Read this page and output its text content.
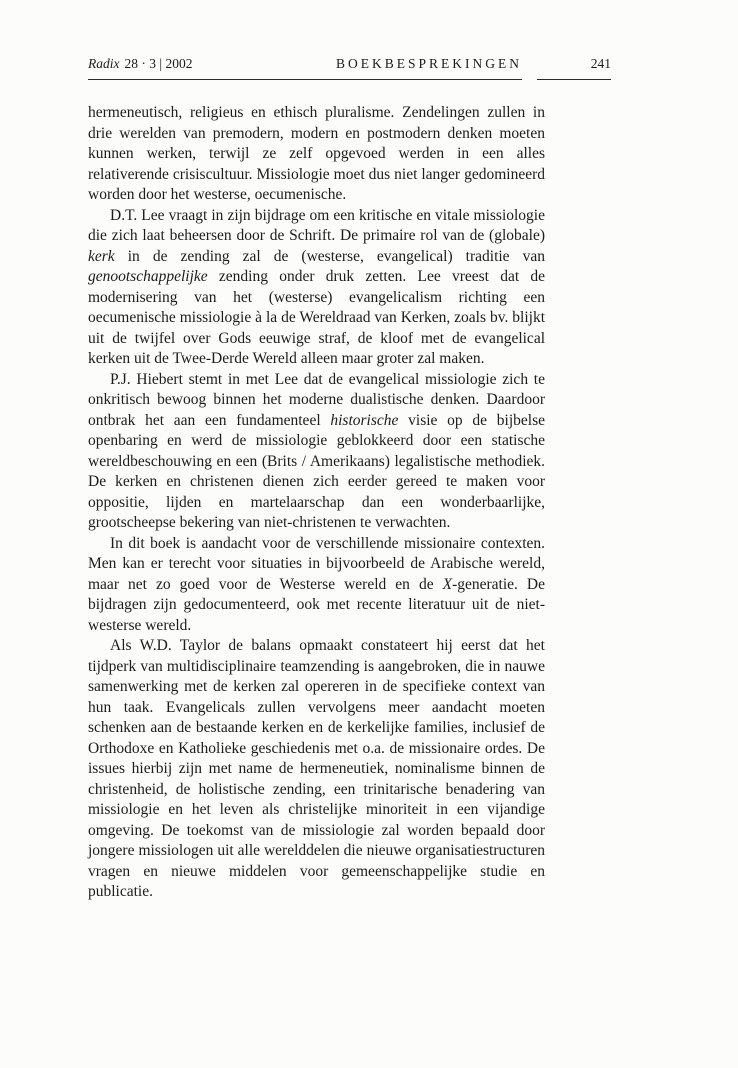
Radix 28 · 3 | 2002	BOEKBESPREKINGEN	241

hermeneutisch, religieus en ethisch pluralisme. Zendelingen zullen in drie werelden van premodern, modern en postmodern denken moeten kunnen werken, terwijl ze zelf opgevoed werden in een alles relativerende crisiscultuur. Missiologie moet dus niet langer gedomineerd worden door het westerse, oecumenische.

D.T. Lee vraagt in zijn bijdrage om een kritische en vitale missiologie die zich laat beheersen door de Schrift. De primaire rol van de (globale) kerk in de zending zal de (westerse, evangelical) traditie van genootschappelijke zending onder druk zetten. Lee vreest dat de modernisering van het (westerse) evangelicalism richting een oecumenische missiologie à la de Wereldraad van Kerken, zoals bv. blijkt uit de twijfel over Gods eeuwige straf, de kloof met de evangelical kerken uit de Twee-Derde Wereld alleen maar groter zal maken.

P.J. Hiebert stemt in met Lee dat de evangelical missiologie zich te onkritisch bewoog binnen het moderne dualistische denken. Daardoor ontbrak het aan een fundamenteel historische visie op de bijbelse openbaring en werd de missiologie geblokkeerd door een statische wereldbeschouwing en een (Brits / Amerikaans) legalistische methodiek. De kerken en christenen dienen zich eerder gereed te maken voor oppositie, lijden en martelaarschap dan een wonderbaarlijke, grootscheepse bekering van niet-christenen te verwachten.

In dit boek is aandacht voor de verschillende missionaire contexten. Men kan er terecht voor situaties in bijvoorbeeld de Arabische wereld, maar net zo goed voor de Westerse wereld en de X-generatie. De bijdragen zijn gedocumenteerd, ook met recente literatuur uit de niet-westerse wereld.

Als W.D. Taylor de balans opmaakt constateert hij eerst dat het tijdperk van multidisciplinaire teamzending is aangebroken, die in nauwe samenwerking met de kerken zal opereren in de specifieke context van hun taak. Evangelicals zullen vervolgens meer aandacht moeten schenken aan de bestaande kerken en de kerkelijke families, inclusief de Orthodoxe en Katholieke geschiedenis met o.a. de missionaire ordes. De issues hierbij zijn met name de hermeneutiek, nominalisme binnen de christenheid, de holistische zending, een trinitarische benadering van missiologie en het leven als christelijke minoriteit in een vijandige omgeving. De toekomst van de missiologie zal worden bepaald door jongere missiologen uit alle werelddelen die nieuwe organisatiestructuren vragen en nieuwe middelen voor gemeenschappelijke studie en publicatie.
